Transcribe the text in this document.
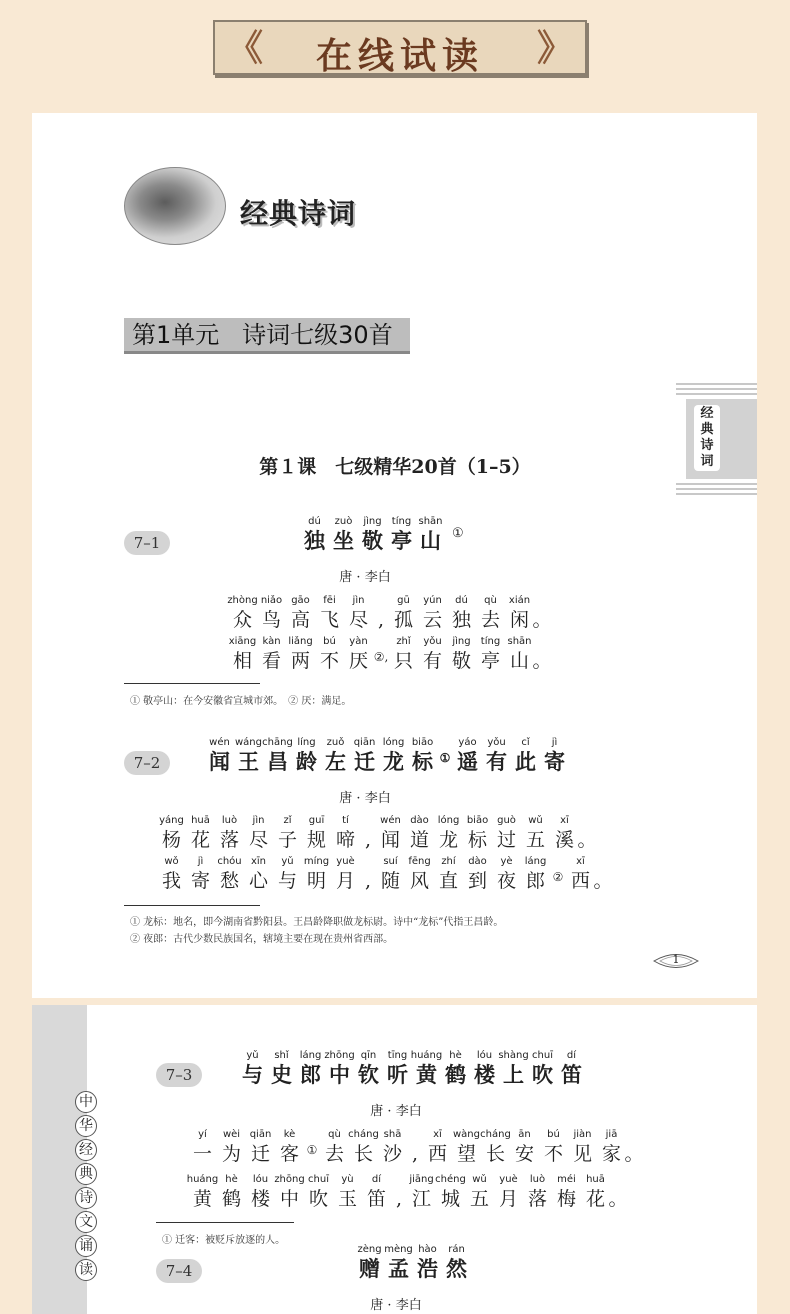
《	在线试读	》
经典诗词
第1单元   诗词七级30首
经
典
诗
词
第１课　七级精华20首（1–5）
7–1
dú
独
zuò
坐
jìng
敬
tíng
亭
shān
山 ①
唐 · 李白
zhòng
众
niǎo
鸟
gāo
高
fēi
飞
jìn
尽 ,
gū
孤
yún
云
dú
独
qù
去
xián
闲 。
xiāng
相
kàn
看
liǎng
两
bú
不
yàn
厌 ②,
zhǐ
只
yǒu
有
jìng
敬
tíng
亭
shān
山 。
① 敬亭山：在今安徽省宣城市郊。　② 厌：满足。
7–2
wén
闻
wáng
王
chāng
昌
líng
龄
zuǒ
左
qiān
迁
lóng
龙
biāo
标 ①
yáo
遥
yǒu
有
cǐ
此
jì
寄
唐 · 李白
yáng
杨
huā
花
luò
落
jìn
尽
zǐ
子
guī
规
tí
啼 ,
wén
闻
dào
道
lóng
龙
biāo
标
guò
过
wǔ
五
xī
溪 。
wǒ
我
jì
寄
chóu
愁
xīn
心
yǔ
与
míng
明
yuè
月 ,
suí
随
fēng
风
zhí
直
dào
到
yè
夜
láng
郎 ②
xī
西 。
① 龙标：地名，即今湖南省黔阳县。王昌龄降职做龙标尉。诗中“龙标”代指王昌龄。
② 夜郎：古代少数民族国名，辖境主要在现在贵州省西部。
1
中
华
经
典
诗
文
诵
读
7–3
yǔ
与
shǐ
史
láng
郎
zhōng
中
qīn
钦
tīng
听
huáng
黄
hè
鹤
lóu
楼
shàng
上
chuī
吹
dí
笛
唐 · 李白
yí
一
wèi
为
qiān
迁
kè
客 ①
qù
去
cháng
长
shā
沙 ,
xī
西
wàng
望
cháng
长
ān
安
bú
不
jiàn
见
jiā
家 。
huáng
黄
hè
鹤
lóu
楼
zhōng
中
chuī
吹
yù
玉
dí
笛 ,
jiāng
江
chéng
城
wǔ
五
yuè
月
luò
落
méi
梅
huā
花 。
① 迁客：被贬斥放逐的人。
7–4
zèng
赠
mèng
孟
hào
浩
rán
然
唐 · 李白
